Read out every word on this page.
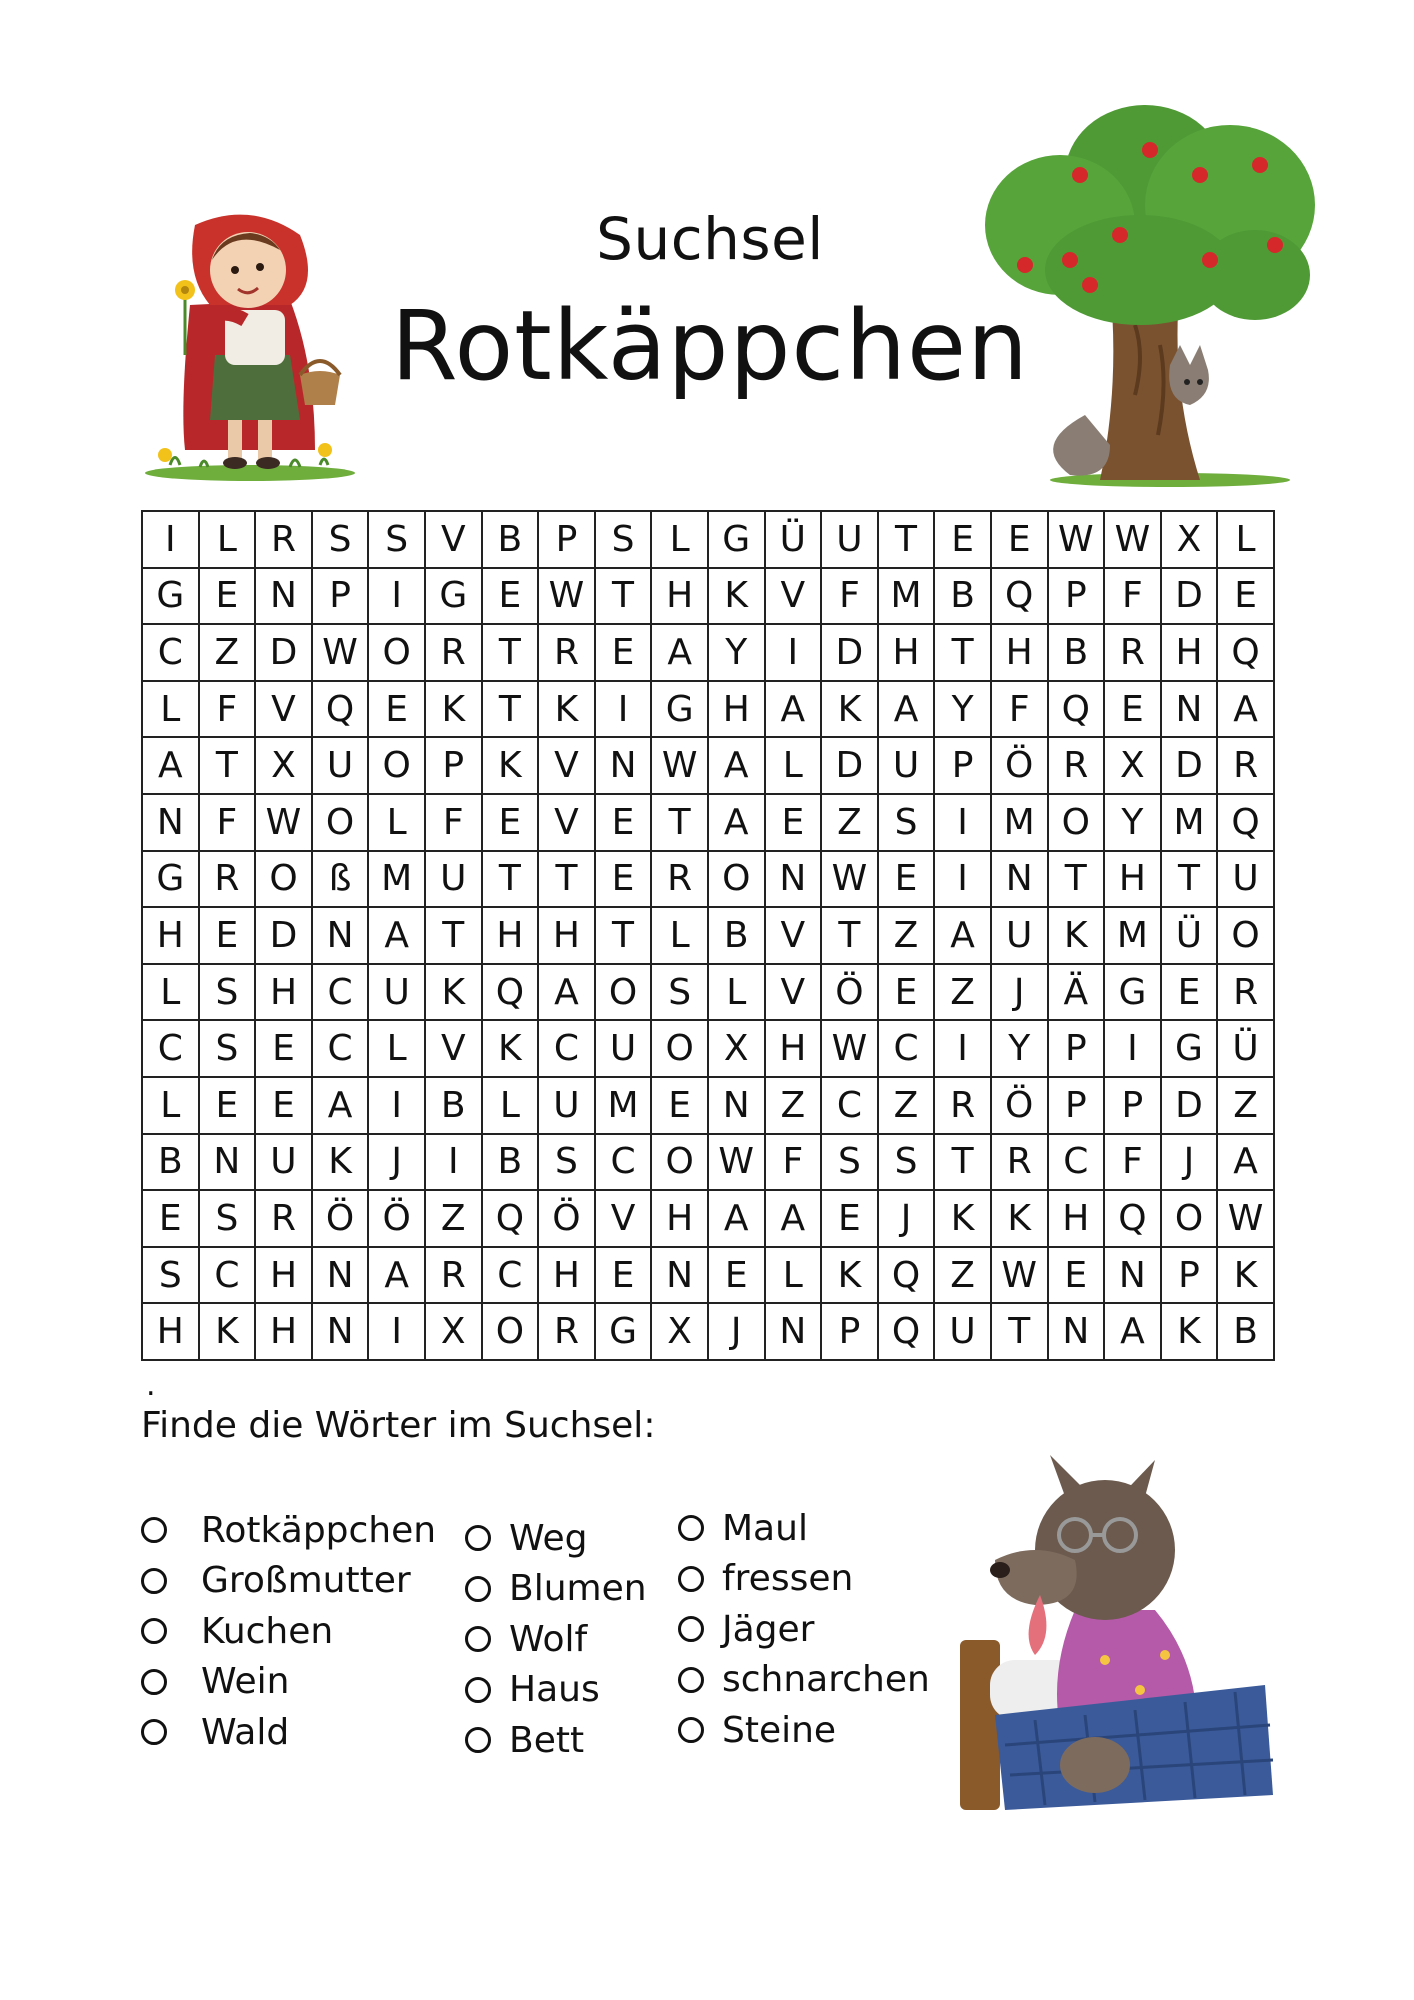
Suchsel
Rotkäppchen
I	L R S S V B P S L G Ü U T E E W W X L
G E N P	I	G E W T H K V F M B Q P F D E
C Z D W O R T R E A Y	I	D H T H B R H Q
L	F V Q E K T K	I	G H A K A Y F Q E N A
A T X U O P K V N W A L D U P Ö R X D R
N F W O L	F E V E T A E Z S	I M O Y M Q
G R O ß M U T T E R O N W E	I	N T H T U
H E D N A T H H T L B V T Z A U K M Ü O
L S H C U K Q A O S L V Ö E Z	J	Ä G E R
C S E C L V K C U O X H W C	I	Y P	I	G Ü
L E E A	I	B L U M E N Z C Z R Ö P P D Z
B N U K	J	I	B S C O W F S S T R C F	J	A
E S R Ö Ö Z Q Ö V H A A E	J	K K H Q O W
S C H N A R C H E N E L K Q Z W E N P K
H K H N	I	X O R G X	J	N P Q U T N A K B
.
Finde die Wörter im Suchsel:
Rotkäppchen
Großmutter
Kuchen
Wein
Wald
Weg
Blumen
Wolf
Haus
Bett
Maul
fressen
Jäger
schnarchen
Steine
